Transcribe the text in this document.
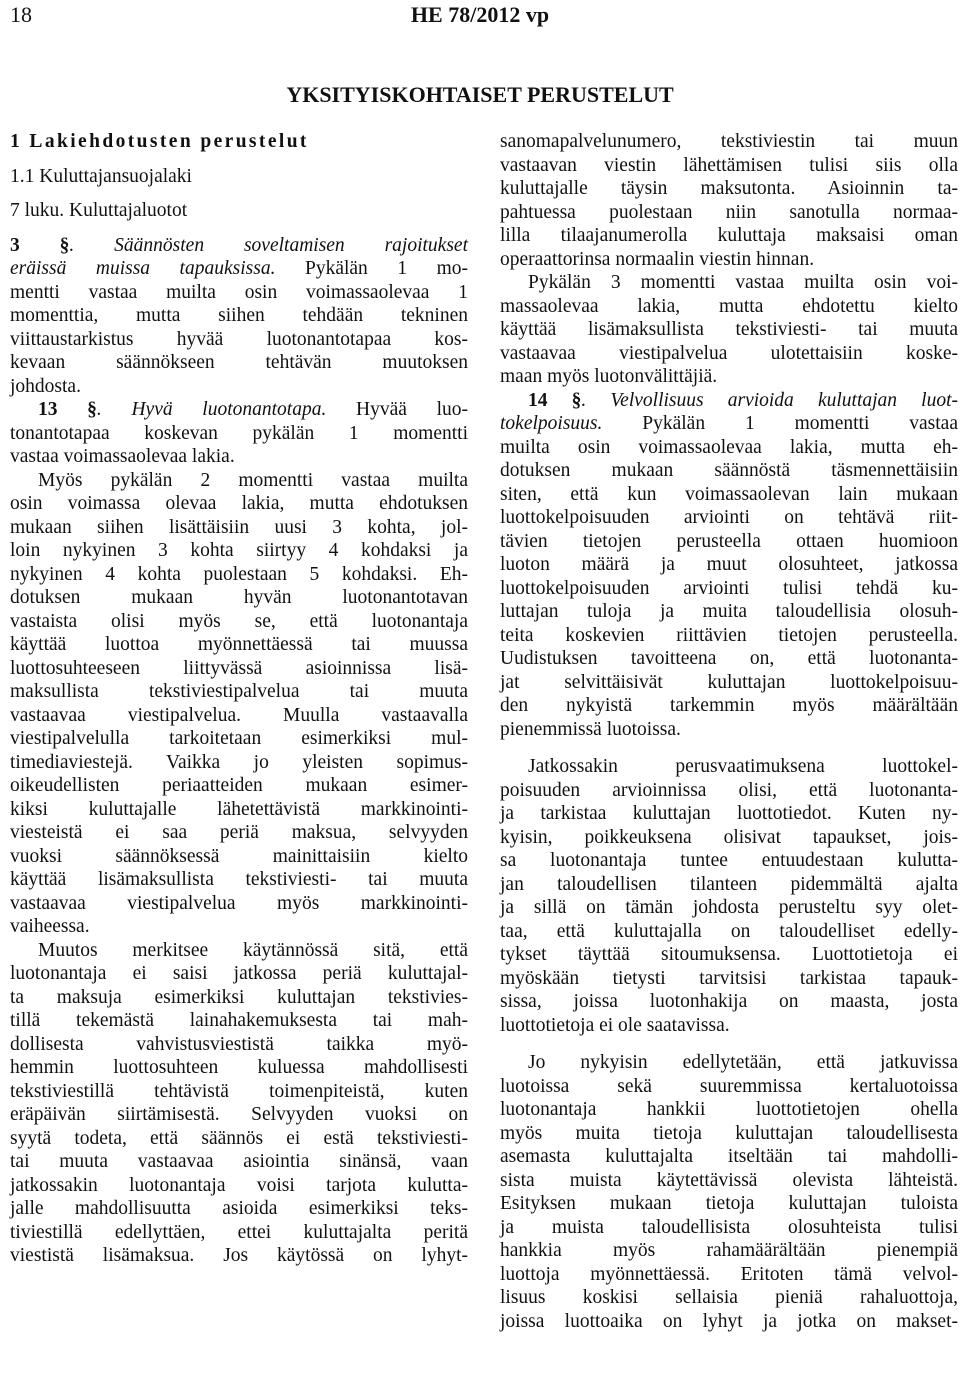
18	HE 78/2012 vp
YKSITYISKOHTAISET PERUSTELUT
1 Lakiehdotusten perustelut
1.1 Kuluttajansuojalaki
7 luku. Kuluttajaluotot
3 §. Säännösten soveltamisen rajoitukset
eräissä muissa tapauksissa. Pykälän 1 mo-
mentti vastaa muilta osin voimassaolevaa 1
momenttia, mutta siihen tehdään tekninen
viittaustarkistus hyvää luotonantotapaa kos-
kevaan säännökseen tehtävän muutoksen
johdosta.
13 §. Hyvä luotonantotapa. Hyvää luo-
tonantotapaa koskevan pykälän 1 momentti
vastaa voimassaolevaa lakia.
Myös pykälän 2 momentti vastaa muilta
osin voimassa olevaa lakia, mutta ehdotuksen
mukaan siihen lisättäisiin uusi 3 kohta, jol-
loin nykyinen 3 kohta siirtyy 4 kohdaksi ja
nykyinen 4 kohta puolestaan 5 kohdaksi. Eh-
dotuksen mukaan hyvän luotonantotavan
vastaista olisi myös se, että luotonantaja
käyttää luottoa myönnettäessä tai muussa
luottosuhteeseen liittyvässä asioinnissa lisä-
maksullista tekstiviestipalvelua tai muuta
vastaavaa viestipalvelua. Muulla vastaavalla
viestipalvelulla tarkoitetaan esimerkiksi mul-
timediaviestejä. Vaikka jo yleisten sopimus-
oikeudellisten periaatteiden mukaan esimer-
kiksi kuluttajalle lähetettävistä markkinointi-
viesteistä ei saa periä maksua, selvyyden
vuoksi säännöksessä mainittaisiin kielto
käyttää lisämaksullista tekstiviesti- tai muuta
vastaavaa viestipalvelua myös markkinointi-
vaiheessa.
Muutos merkitsee käytännössä sitä, että
luotonantaja ei saisi jatkossa periä kuluttajal-
ta maksuja esimerkiksi kuluttajan tekstivies-
tillä tekemästä lainahakemuksesta tai mah-
dollisesta vahvistusviestistä taikka myö-
hemmin luottosuhteen kuluessa mahdollisesti
tekstiviestillä tehtävistä toimenpiteistä, kuten
eräpäivän siirtämisestä. Selvyyden vuoksi on
syytä todeta, että säännös ei estä tekstiviesti-
tai muuta vastaavaa asiointia sinänsä, vaan
jatkossakin luotonantaja voisi tarjota kulutta-
jalle mahdollisuutta asioida esimerkiksi teks-
tiviestillä edellyttäen, ettei kuluttajalta peritä
viestistä lisämaksua. Jos käytössä on lyhyt-
sanomapalvelunumero, tekstiviestin tai muun
vastaavan viestin lähettämisen tulisi siis olla
kuluttajalle täysin maksutonta. Asioinnin ta-
pahtuessa puolestaan niin sanotulla normaa-
lilla tilaajanumerolla kuluttaja maksaisi oman
operaattorinsa normaalin viestin hinnan.
Pykälän 3 momentti vastaa muilta osin voi-
massaolevaa lakia, mutta ehdotettu kielto
käyttää lisämaksullista tekstiviesti- tai muuta
vastaavaa viestipalvelua ulotettaisiin koske-
maan myös luotonvälittäjiä.
14 §. Velvollisuus arvioida kuluttajan luot-
tokelpoisuus. Pykälän 1 momentti vastaa
muilta osin voimassaolevaa lakia, mutta eh-
dotuksen mukaan säännöstä täsmennettäisiin
siten, että kun voimassaolevan lain mukaan
luottokelpoisuuden arviointi on tehtävä riit-
tävien tietojen perusteella ottaen huomioon
luoton määrä ja muut olosuhteet, jatkossa
luottokelpoisuuden arviointi tulisi tehdä ku-
luttajan tuloja ja muita taloudellisia olosuh-
teita koskevien riittävien tietojen perusteella.
Uudistuksen tavoitteena on, että luotonanta-
jat selvittäisivät kuluttajan luottokelpoisuu-
den nykyistä tarkemmin myös määrältään
pienemmissä luotoissa.
Jatkossakin perusvaatimuksena luottokel-
poisuuden arvioinnissa olisi, että luotonanta-
ja tarkistaa kuluttajan luottotiedot. Kuten ny-
kyisin, poikkeuksena olisivat tapaukset, jois-
sa luotonantaja tuntee entuudestaan kulutta-
jan taloudellisen tilanteen pidemmältä ajalta
ja sillä on tämän johdosta perusteltu syy olet-
taa, että kuluttajalla on taloudelliset edelly-
tykset täyttää sitoumuksensa. Luottotietoja ei
myöskään tietysti tarvitsisi tarkistaa tapauk-
sissa, joissa luotonhakija on maasta, josta
luottotietoja ei ole saatavissa.
Jo nykyisin edellytetään, että jatkuvissa
luotoissa sekä suuremmissa kertaluotoissa
luotonantaja hankkii luottotietojen ohella
myös muita tietoja kuluttajan taloudellisesta
asemasta kuluttajalta itseltään tai mahdolli-
sista muista käytettävissä olevista lähteistä.
Esityksen mukaan tietoja kuluttajan tuloista
ja muista taloudellisista olosuhteista tulisi
hankkia myös rahamäärältään pienempiä
luottoja myönnettäessä. Eritoten tämä velvol-
lisuus koskisi sellaisia pieniä rahaluottoja,
joissa luottoaika on lyhyt ja jotka on makset-
